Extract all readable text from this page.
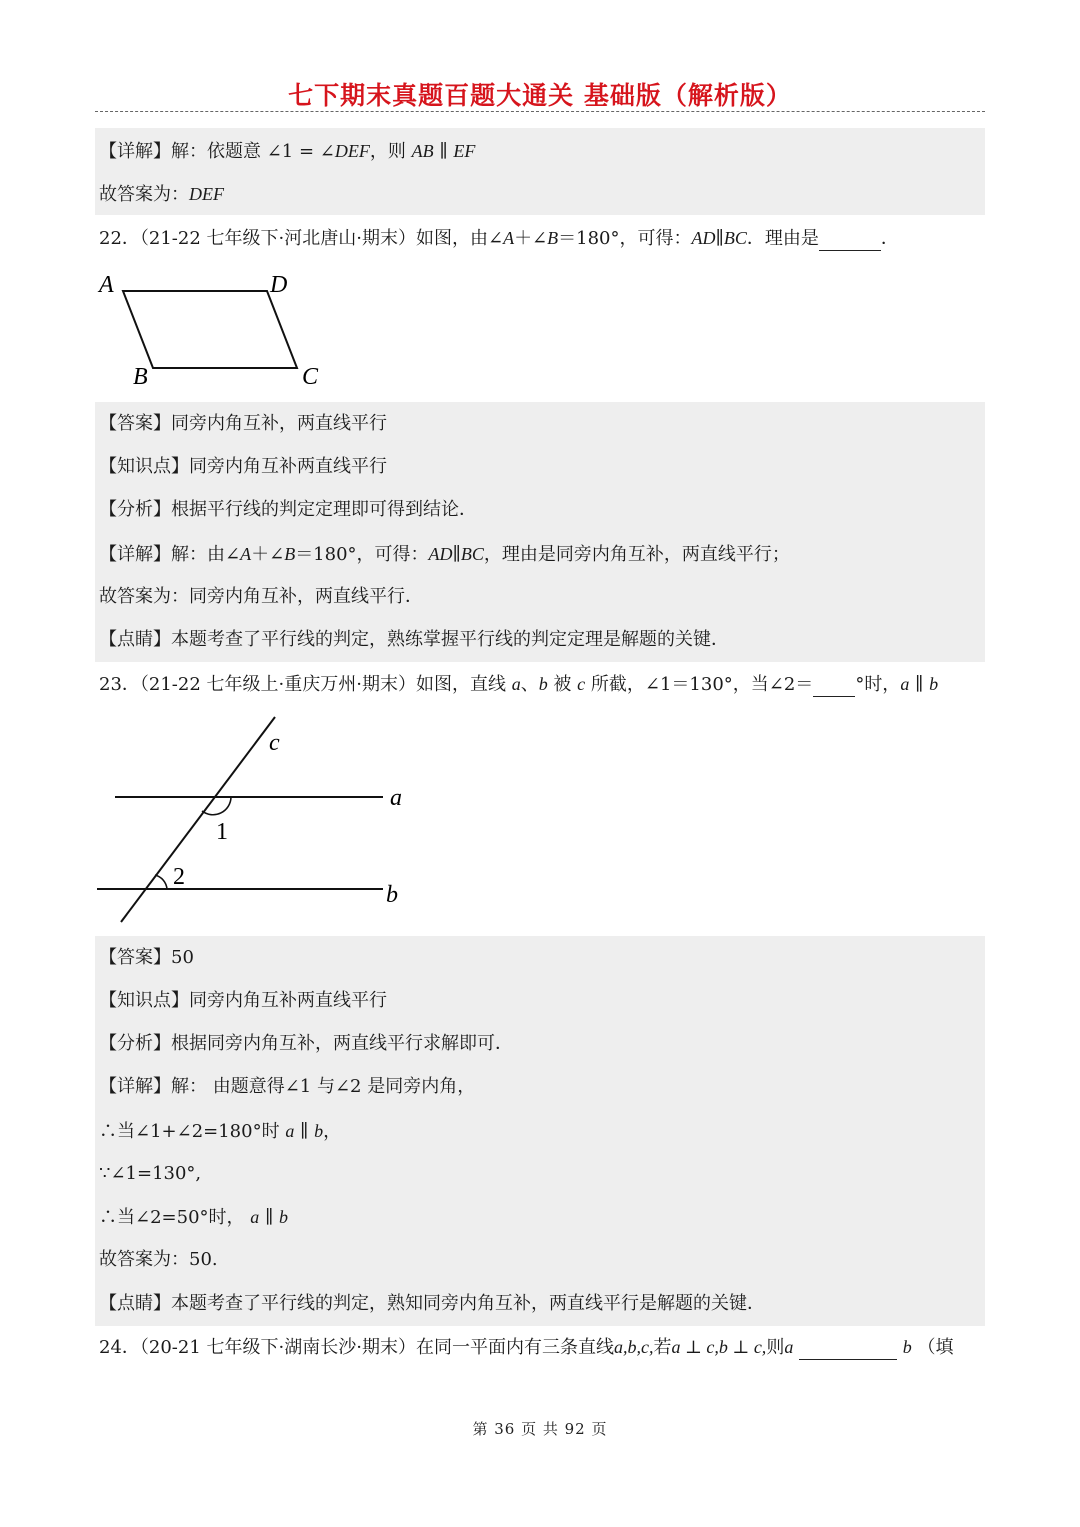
七下期末真题百题大通关 基础版（解析版）
【详解】解：依题意 ∠1 = ∠DEF，则 AB ∥ EF
故答案为：DEF
22．（21-22 七年级下·河北唐山·期末）如图，由∠A＋∠B＝180°，可得：AD∥BC．理由是	．
A	D
B	C
【答案】同旁内角互补，两直线平行
【知识点】同旁内角互补两直线平行
【分析】根据平行线的判定定理即可得到结论．
【详解】解：由∠A＋∠B＝180°，可得：AD∥BC，理由是同旁内角互补，两直线平行；
故答案为：同旁内角互补，两直线平行．
【点睛】本题考查了平行线的判定，熟练掌握平行线的判定定理是解题的关键．
23．（21-22 七年级上·重庆万州·期末）如图，直线 a、b 被 c 所截，∠1＝130°，当∠2＝ °时，a ∥ b
c
a
b
1
2
【答案】50
【知识点】同旁内角互补两直线平行
【分析】根据同旁内角互补，两直线平行求解即可．
【详解】解： 由题意得∠1 与∠2 是同旁内角，
∴当∠1+∠2=180°时 a ∥ b，
∵∠1=130°,
∴当∠2=50°时， a ∥ b
故答案为：50.
【点睛】本题考查了平行线的判定，熟知同旁内角互补，两直线平行是解题的关键．
24．（20-21 七年级下·湖南长沙·期末）在同一平面内有三条直线a,b,c,若a ⊥ c,b ⊥ c,则a	b （填
第 36 页 共 92 页
